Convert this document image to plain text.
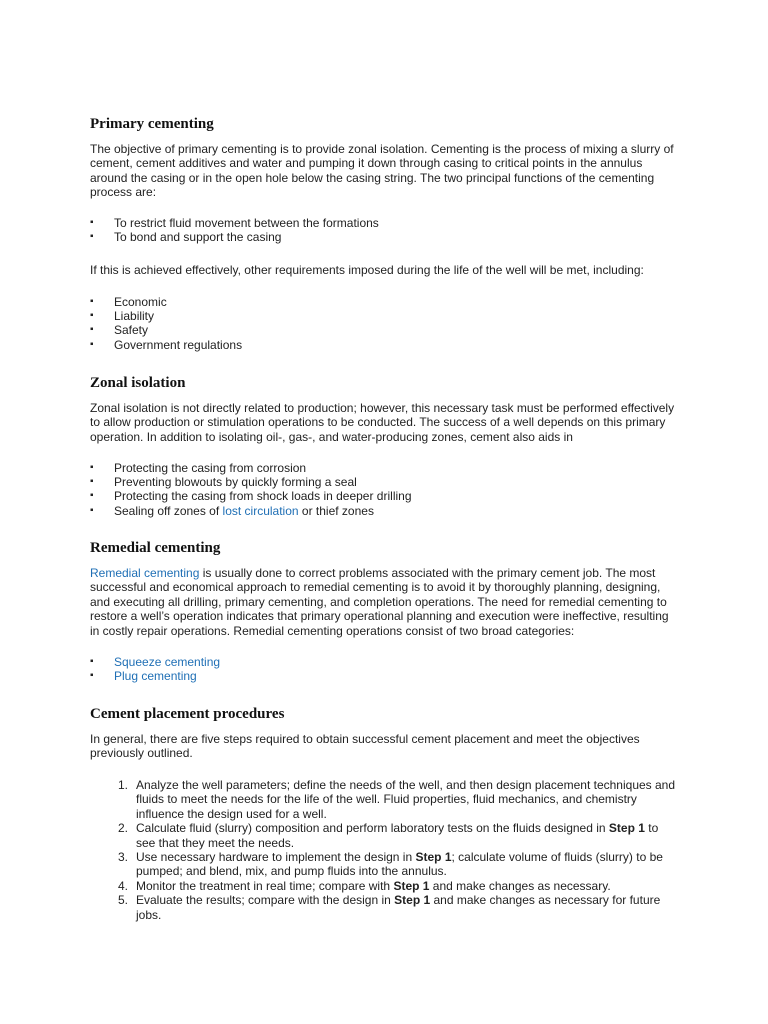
Primary cementing

The objective of primary cementing is to provide zonal isolation. Cementing is the process of mixing a slurry of cement, cement additives and water and pumping it down through casing to critical points in the annulus around the casing or in the open hole below the casing string. The two principal functions of the cementing process are:

▪ To restrict fluid movement between the formations
▪ To bond and support the casing

If this is achieved effectively, other requirements imposed during the life of the well will be met, including:

▪ Economic
▪ Liability
▪ Safety
▪ Government regulations
Zonal isolation

Zonal isolation is not directly related to production; however, this necessary task must be performed effectively to allow production or stimulation operations to be conducted. The success of a well depends on this primary operation. In addition to isolating oil-, gas-, and water-producing zones, cement also aids in

▪ Protecting the casing from corrosion
▪ Preventing blowouts by quickly forming a seal
▪ Protecting the casing from shock loads in deeper drilling
▪ Sealing off zones of lost circulation or thief zones
Remedial cementing

Remedial cementing is usually done to correct problems associated with the primary cement job. The most successful and economical approach to remedial cementing is to avoid it by thoroughly planning, designing, and executing all drilling, primary cementing, and completion operations. The need for remedial cementing to restore a well’s operation indicates that primary operational planning and execution were ineffective, resulting in costly repair operations. Remedial cementing operations consist of two broad categories:

▪ Squeeze cementing
▪ Plug cementing
Cement placement procedures

In general, there are five steps required to obtain successful cement placement and meet the objectives previously outlined.

1. Analyze the well parameters; define the needs of the well, and then design placement techniques and fluids to meet the needs for the life of the well. Fluid properties, fluid mechanics, and chemistry influence the design used for a well.
2. Calculate fluid (slurry) composition and perform laboratory tests on the fluids designed in Step 1 to see that they meet the needs.
3. Use necessary hardware to implement the design in Step 1; calculate volume of fluids (slurry) to be pumped; and blend, mix, and pump fluids into the annulus.
4. Monitor the treatment in real time; compare with Step 1 and make changes as necessary.
5. Evaluate the results; compare with the design in Step 1 and make changes as necessary for future jobs.
